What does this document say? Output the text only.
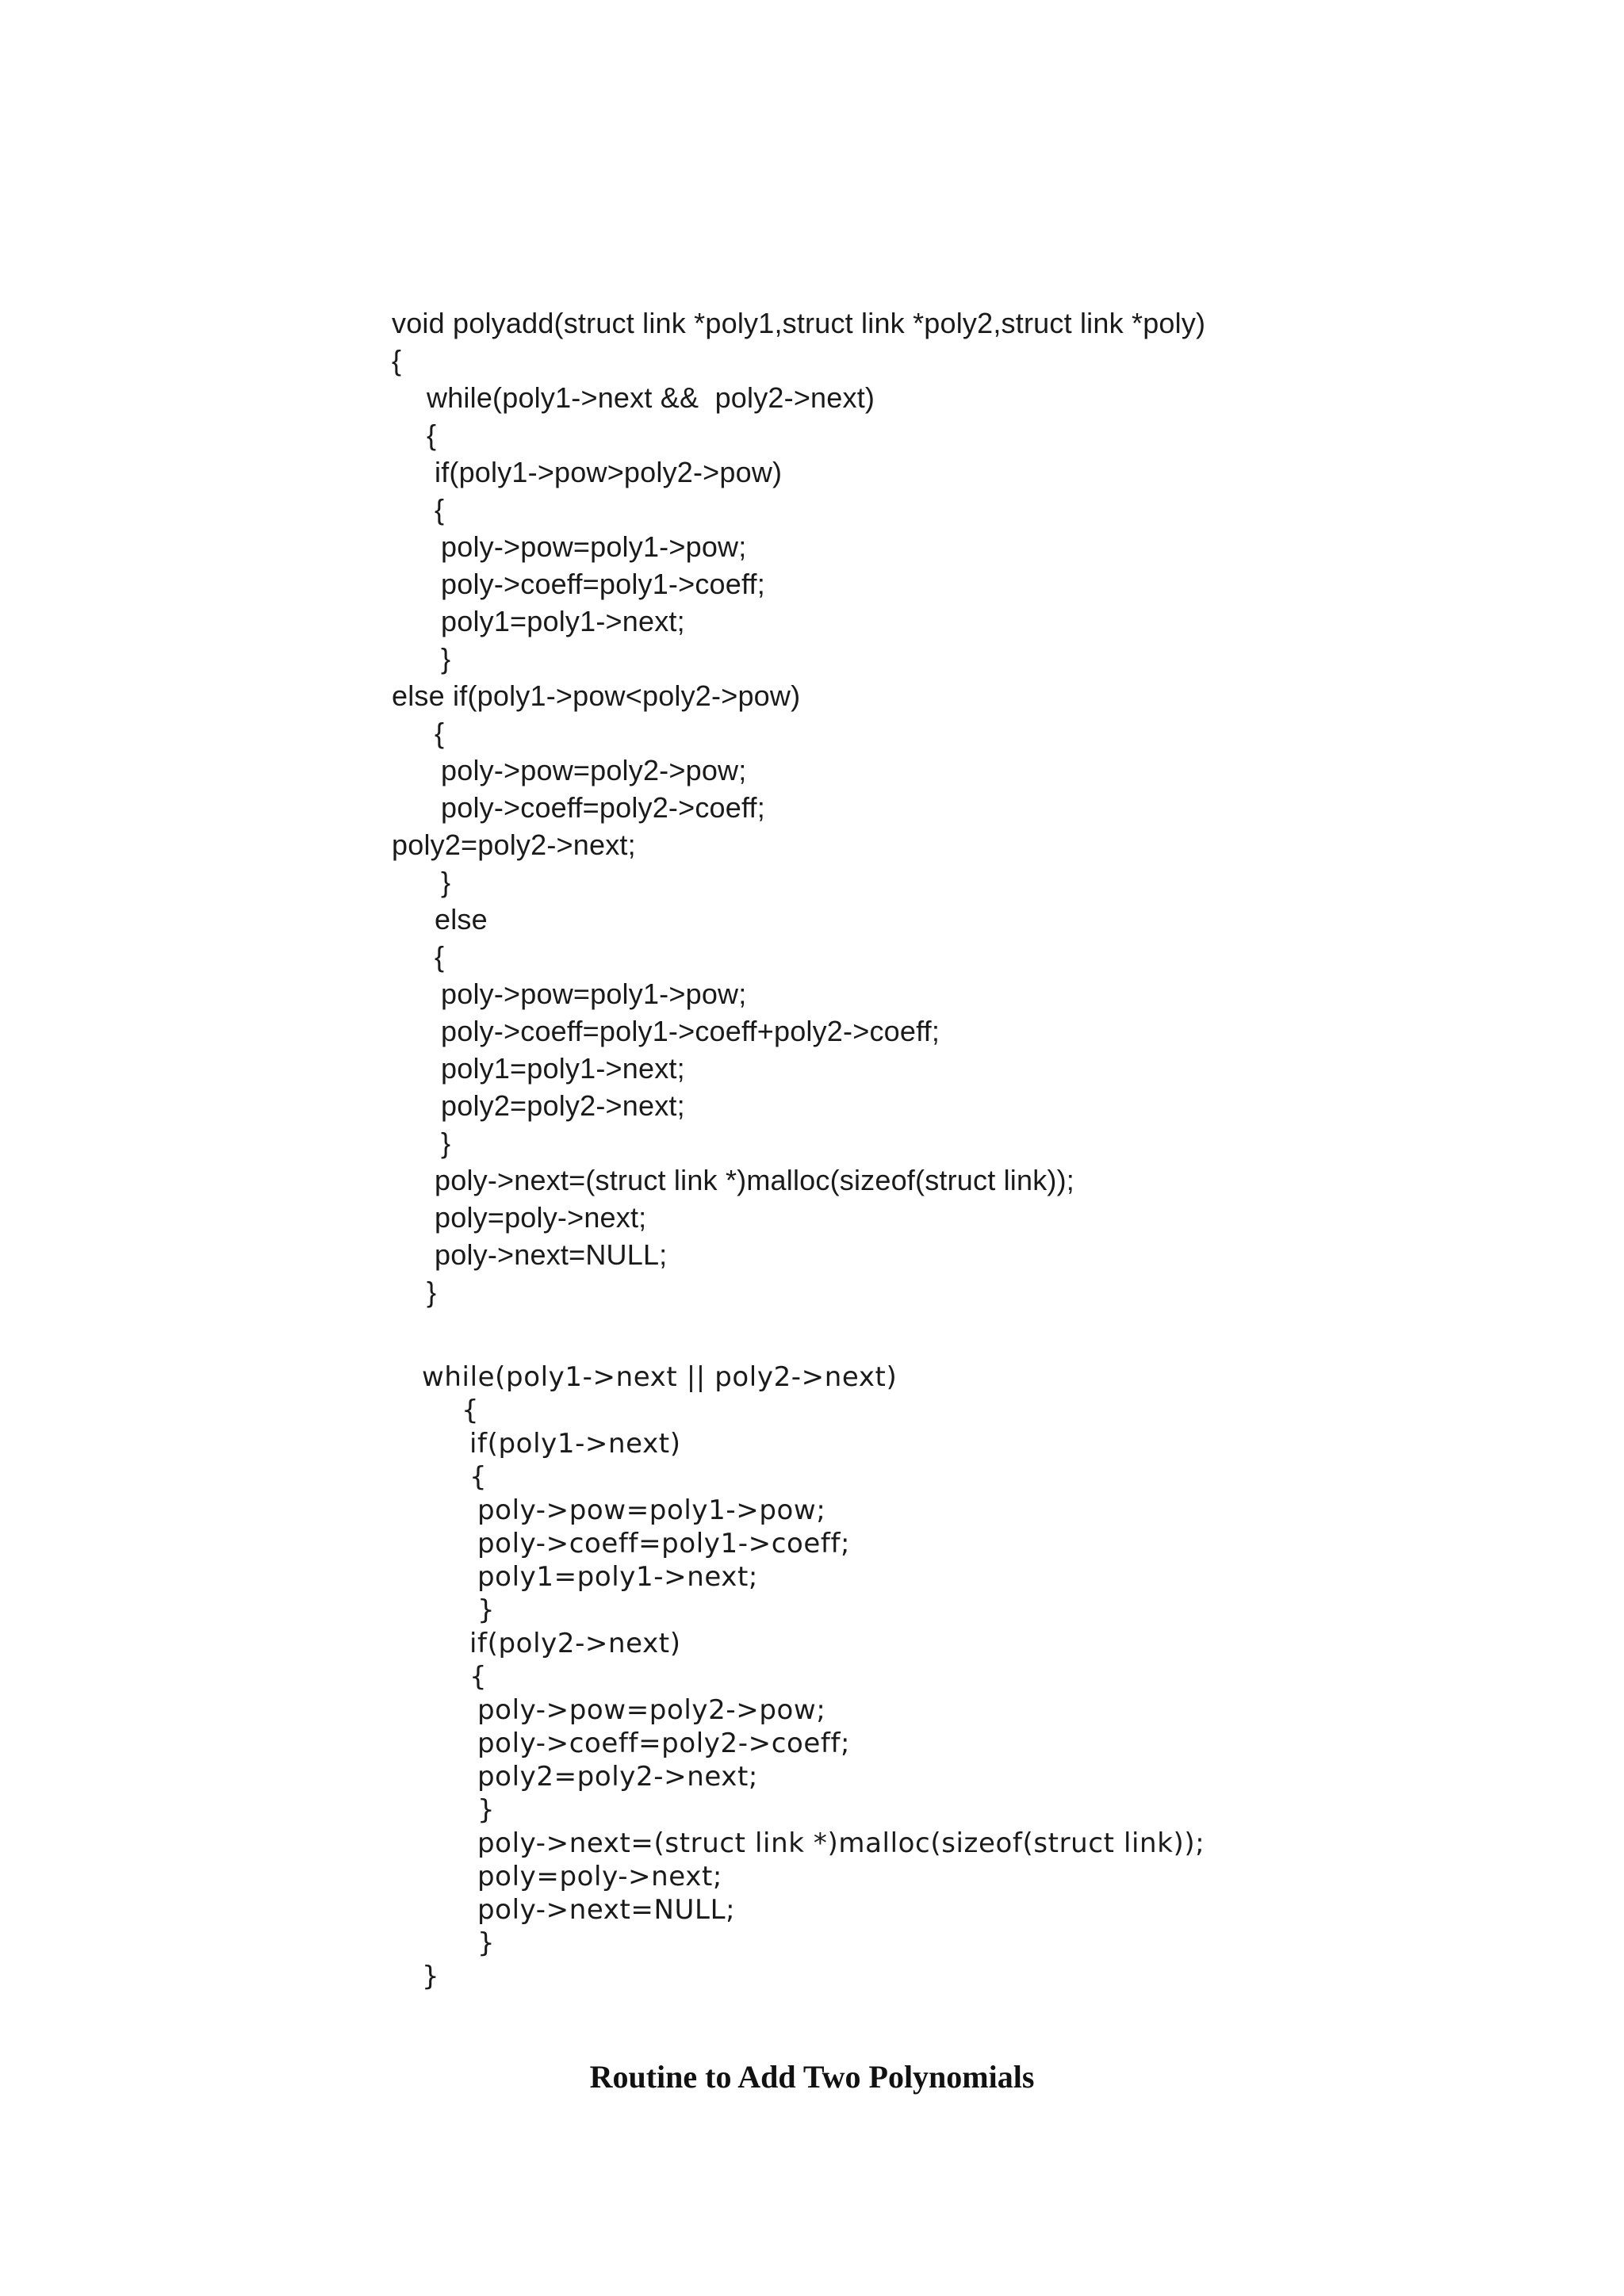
void polyadd(struct link *poly1,struct link *poly2,struct link *poly)
{
while(poly1->next &&  poly2->next)
{
if(poly1->pow>poly2->pow)
{
poly->pow=poly1->pow;
poly->coeff=poly1->coeff;
poly1=poly1->next;
}
else if(poly1->pow<poly2->pow)
{
poly->pow=poly2->pow;
poly->coeff=poly2->coeff;
poly2=poly2->next;
}
else
{
poly->pow=poly1->pow;
poly->coeff=poly1->coeff+poly2->coeff;
poly1=poly1->next;
poly2=poly2->next;
}
poly->next=(struct link *)malloc(sizeof(struct link));
poly=poly->next;
poly->next=NULL;
}
while(poly1->next || poly2->next)
{
if(poly1->next)
{
poly->pow=poly1->pow;
poly->coeff=poly1->coeff;
poly1=poly1->next;
}
if(poly2->next)
{
poly->pow=poly2->pow;
poly->coeff=poly2->coeff;
poly2=poly2->next;
}
poly->next=(struct link *)malloc(sizeof(struct link));
poly=poly->next;
poly->next=NULL;
}
}
Routine to Add Two Polynomials
